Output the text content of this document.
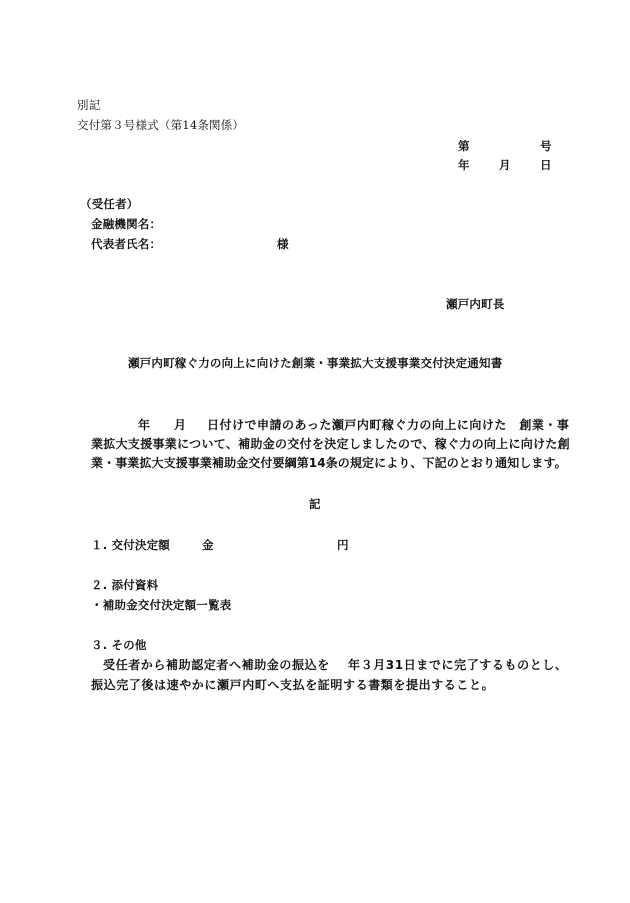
別記
交付第３号様式（第14条関係）
第	号
年	月	日
（受任者）
金融機関名：
代表者氏名：	様
瀬戸内町長
瀬戸内町稼ぐ力の向上に向けた創業・事業拡大支援事業交付決定通知書
年 月 日付けで申請のあった瀬戸内町稼ぐ力の向上に向けた　創業・事
業拡大支援事業について、補助金の交付を決定しましたので、稼ぐ力の向上に向けた創
業・事業拡大支援事業補助金交付要綱第14条の規定により、下記のとおり通知します。
記
１. 交付決定額	金	円
２. 添付資料
・補助金交付決定額一覧表
３. その他
受任者から補助認定者へ補助金の振込を 年３月31日までに完了するものとし、
振込完了後は速やかに瀬戸内町へ支払を証明する書類を提出すること。
